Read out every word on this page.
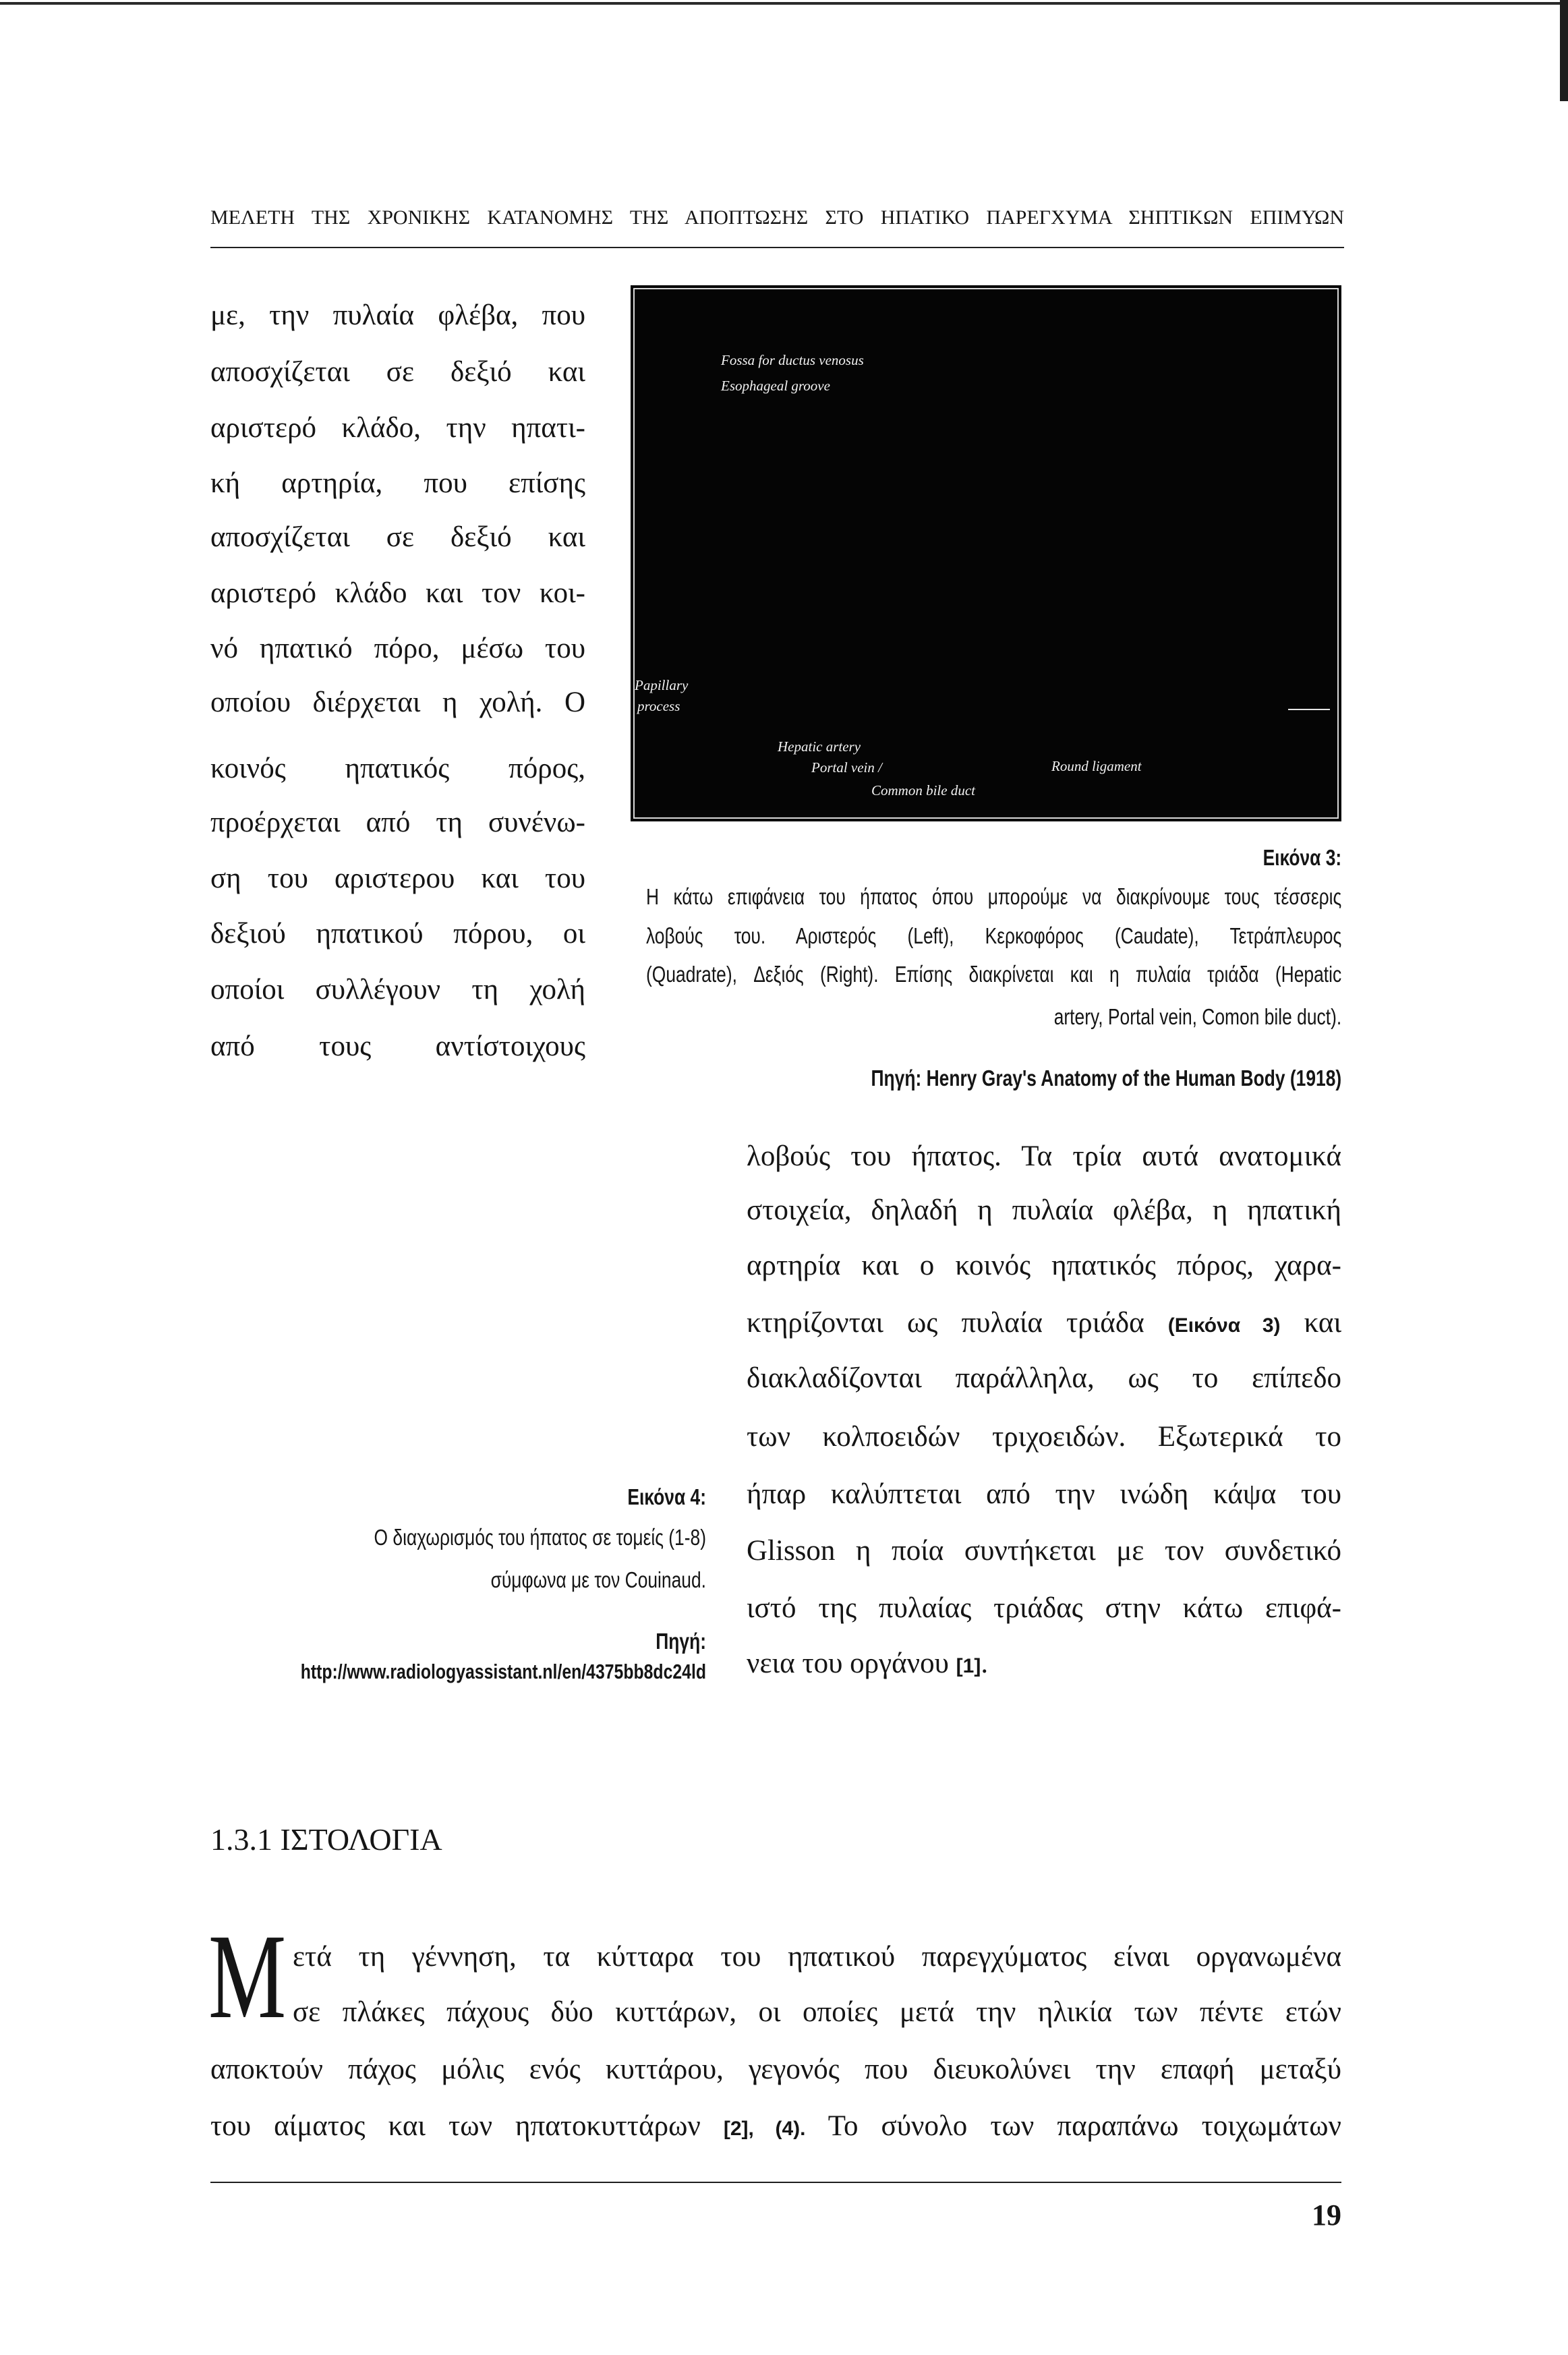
ΜΕΛΕΤΗ ΤΗΣ ΧΡΟΝΙΚΗΣ ΚΑΤΑΝΟΜΗΣ ΤΗΣ ΑΠΟΠΤΩΣΗΣ ΣΤΟ ΗΠΑΤΙΚΟ ΠΑΡΕΓΧΥΜΑ ΣΗΠΤΙΚΩΝ ΕΠΙΜΥΩΝ
με, την πυλαία φλέβα, που
αποσχίζεται σε δεξιό και
αριστερό κλάδο, την ηπατι-
κή αρτηρία, που επίσης
αποσχίζεται σε δεξιό και
αριστερό κλάδο και τον κοι-
νό ηπατικό πόρο, μέσω του
οποίου διέρχεται η χολή. Ο
κοινός ηπατικός πόρος,
προέρχεται από τη συνένω-
ση του αριστερου και του
δεξιού ηπατικού πόρου, οι
οποίοι συλλέγουν τη χολή
από τους αντίστοιχους
Fossa for ductus venosus
Esophageal groove
Papillary
process
Hepatic artery
Portal vein /	Round ligament
Common bile duct
Εικόνα 3:
Η κάτω επιφάνεια του ήπατος όπου μπορούμε να διακρίνουμε τους τέσσερις
λοβούς του. Αριστερός (Left), Κερκοφόρος (Caudate), Τετράπλευρος
(Quadrate), Δεξιός (Right). Επίσης διακρίνεται και η πυλαία τριάδα (Hepatic
artery, Portal vein, Comon bile duct).
Πηγή: Henry Gray's Anatomy of the Human Body (1918)
λοβούς του ήπατος. Τα τρία αυτά ανατομικά
στοιχεία, δηλαδή η πυλαία φλέβα, η ηπατική
αρτηρία και ο κοινός ηπατικός πόρος, χαρα-
κτηρίζονται ως πυλαία τριάδα (Εικόνα 3) και
διακλαδίζονται παράλληλα, ως το επίπεδο
των κολποειδών τριχοειδών. Εξωτερικά το
ήπαρ καλύπτεται από την ινώδη κάψα του
Glisson η ποία συντήκεται με τον συνδετικό
ιστό της πυλαίας τριάδας στην κάτω επιφά-
νεια του οργάνου [1].
Εικόνα 4:
Ο διαχωρισμός του ήπατος σε τομείς (1-8)
σύμφωνα με τον Couinaud.
Πηγή:
http://www.radiologyassistant.nl/en/4375bb8dc24ld
1.3.1 ΙΣΤΟΛΟΓΙΑ
Μ ετά τη γέννηση, τα κύτταρα του ηπατικού παρεγχύματος είναι οργανωμένα
σε πλάκες πάχους δύο κυττάρων, οι οποίες μετά την ηλικία των πέντε ετών
αποκτούν πάχος μόλις ενός κυττάρου, γεγονός που διευκολύνει την επαφή μεταξύ
του αίματος και των ηπατοκυττάρων [2], (4). Το σύνολο των παραπάνω τοιχωμάτων
19
